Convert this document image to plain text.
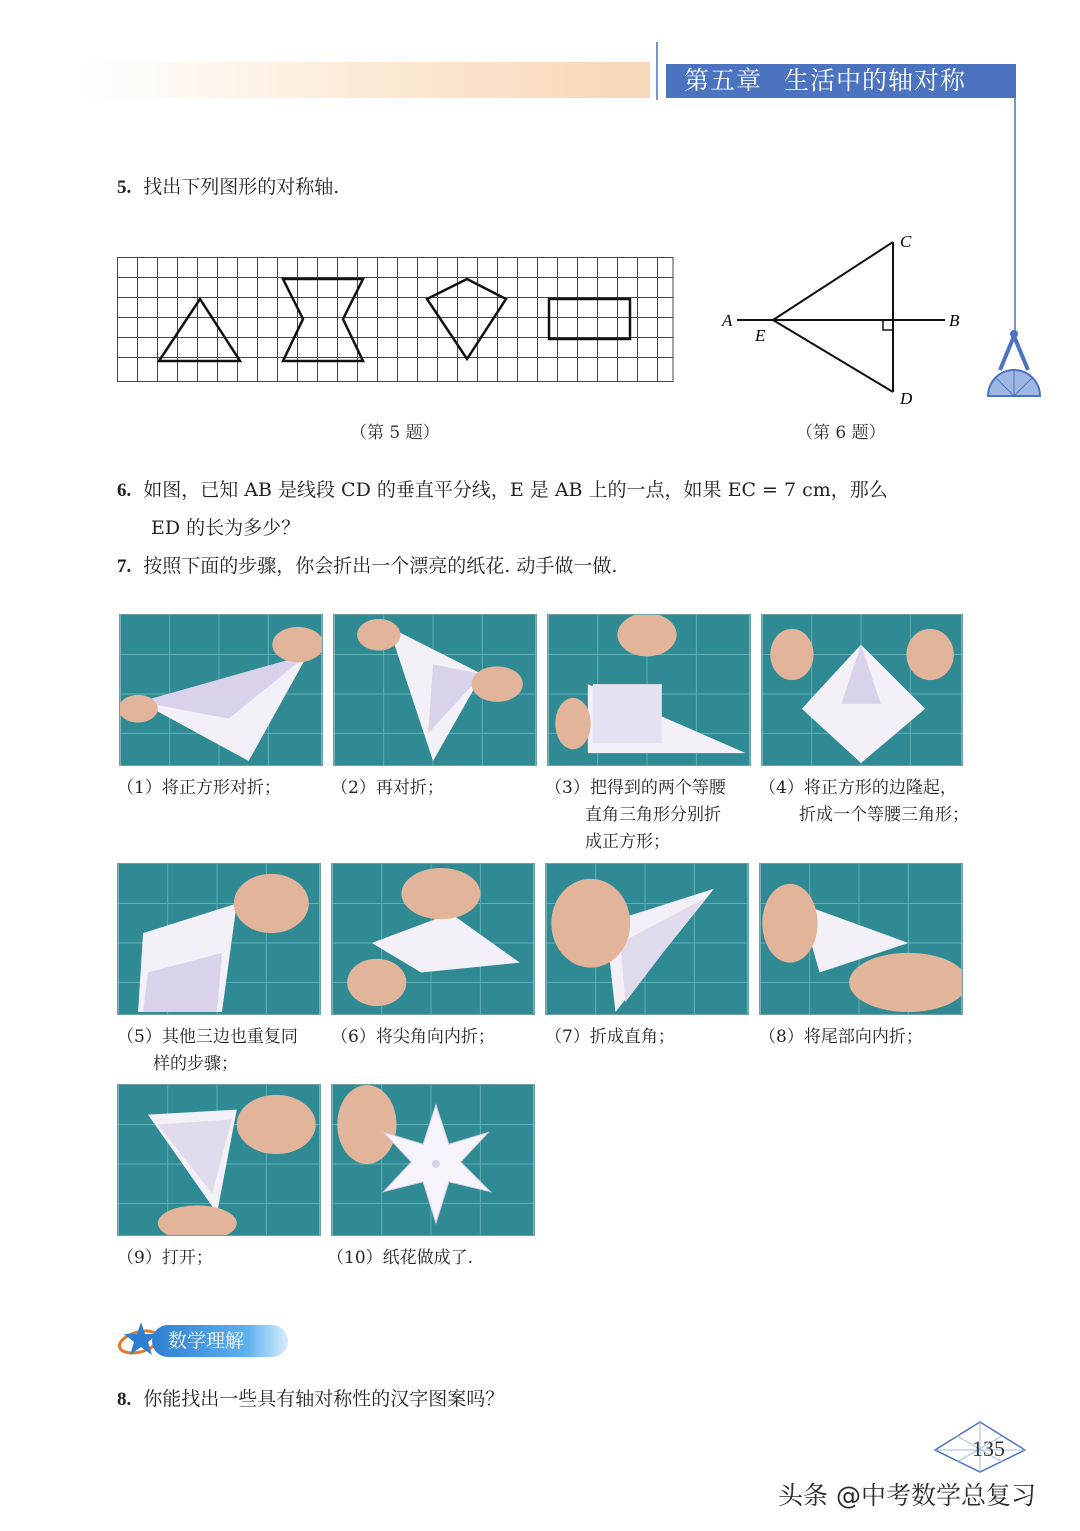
第五章 生活中的轴对称
5. 找出下列图形的对称轴.
（第 5 题）
A	B
C
D
E
（第 6 题）
6. 如图，已知 AB 是线段 CD 的垂直平分线，E 是 AB 上的一点，如果 EC = 7 cm，那么
ED 的长为多少？
7. 按照下面的步骤，你会折出一个漂亮的纸花. 动手做一做.
（1）将正方形对折；	（2）再对折；	（3）把得到的两个等腰
直角三角形分别折
成正方形；
（4）将正方形的边隆起，
折成一个等腰三角形；
（5）其他三边也重复同
样的步骤；
（6）将尖角向内折；	（7）折成直角；	（8）将尾部向内折；
（9）打开；	（10）纸花做成了.
数学理解
8. 你能找出一些具有轴对称性的汉字图案吗？
135
头条 @中考数学总复习
